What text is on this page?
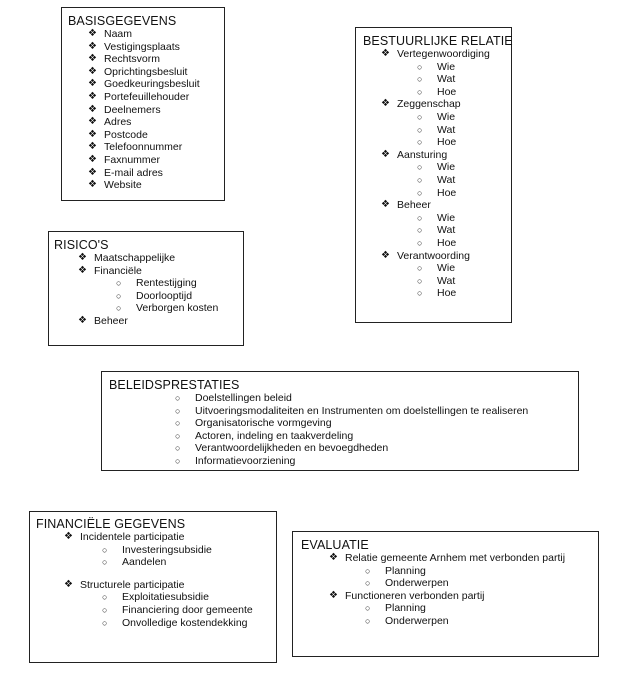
BASISGEGEVENS
❖ Naam
❖ Vestigingsplaats
❖ Rechtsvorm
❖ Oprichtingsbesluit
❖ Goedkeuringsbesluit
❖ Portefeuillehouder
❖ Deelnemers
❖ Adres
❖ Postcode
❖ Telefoonnummer
❖ Faxnummer
❖ E-mail adres
❖ Website
BESTUURLIJKE RELATIE
❖ Vertegenwoordiging
○ Wie
○ Wat
○ Hoe
❖ Zeggenschap
○ Wie
○ Wat
○ Hoe
❖ Aansturing
○ Wie
○ Wat
○ Hoe
❖ Beheer
○ Wie
○ Wat
○ Hoe
❖ Verantwoording
○ Wie
○ Wat
○ Hoe
RISICO'S
❖ Maatschappelijke
❖ Financiële
○ Rentestijging
○ Doorlooptijd
○ Verborgen kosten
❖ Beheer
BELEIDSPRESTATIES
○ Doelstellingen beleid
○ Uitvoeringsmodaliteiten en Instrumenten om doelstellingen te realiseren
○ Organisatorische vormgeving
○ Actoren, indeling en taakverdeling
○ Verantwoordelijkheden en bevoegdheden
○ Informatievoorziening
FINANCIËLE GEGEVENS
❖ Incidentele participatie
○ Investeringsubsidie
○ Aandelen
❖ Structurele participatie
○ Exploitatiesubsidie
○ Financiering door gemeente
○ Onvolledige kostendekking
EVALUATIE
❖ Relatie gemeente Arnhem met verbonden partij
○ Planning
○ Onderwerpen
❖ Functioneren verbonden partij
○ Planning
○ Onderwerpen
